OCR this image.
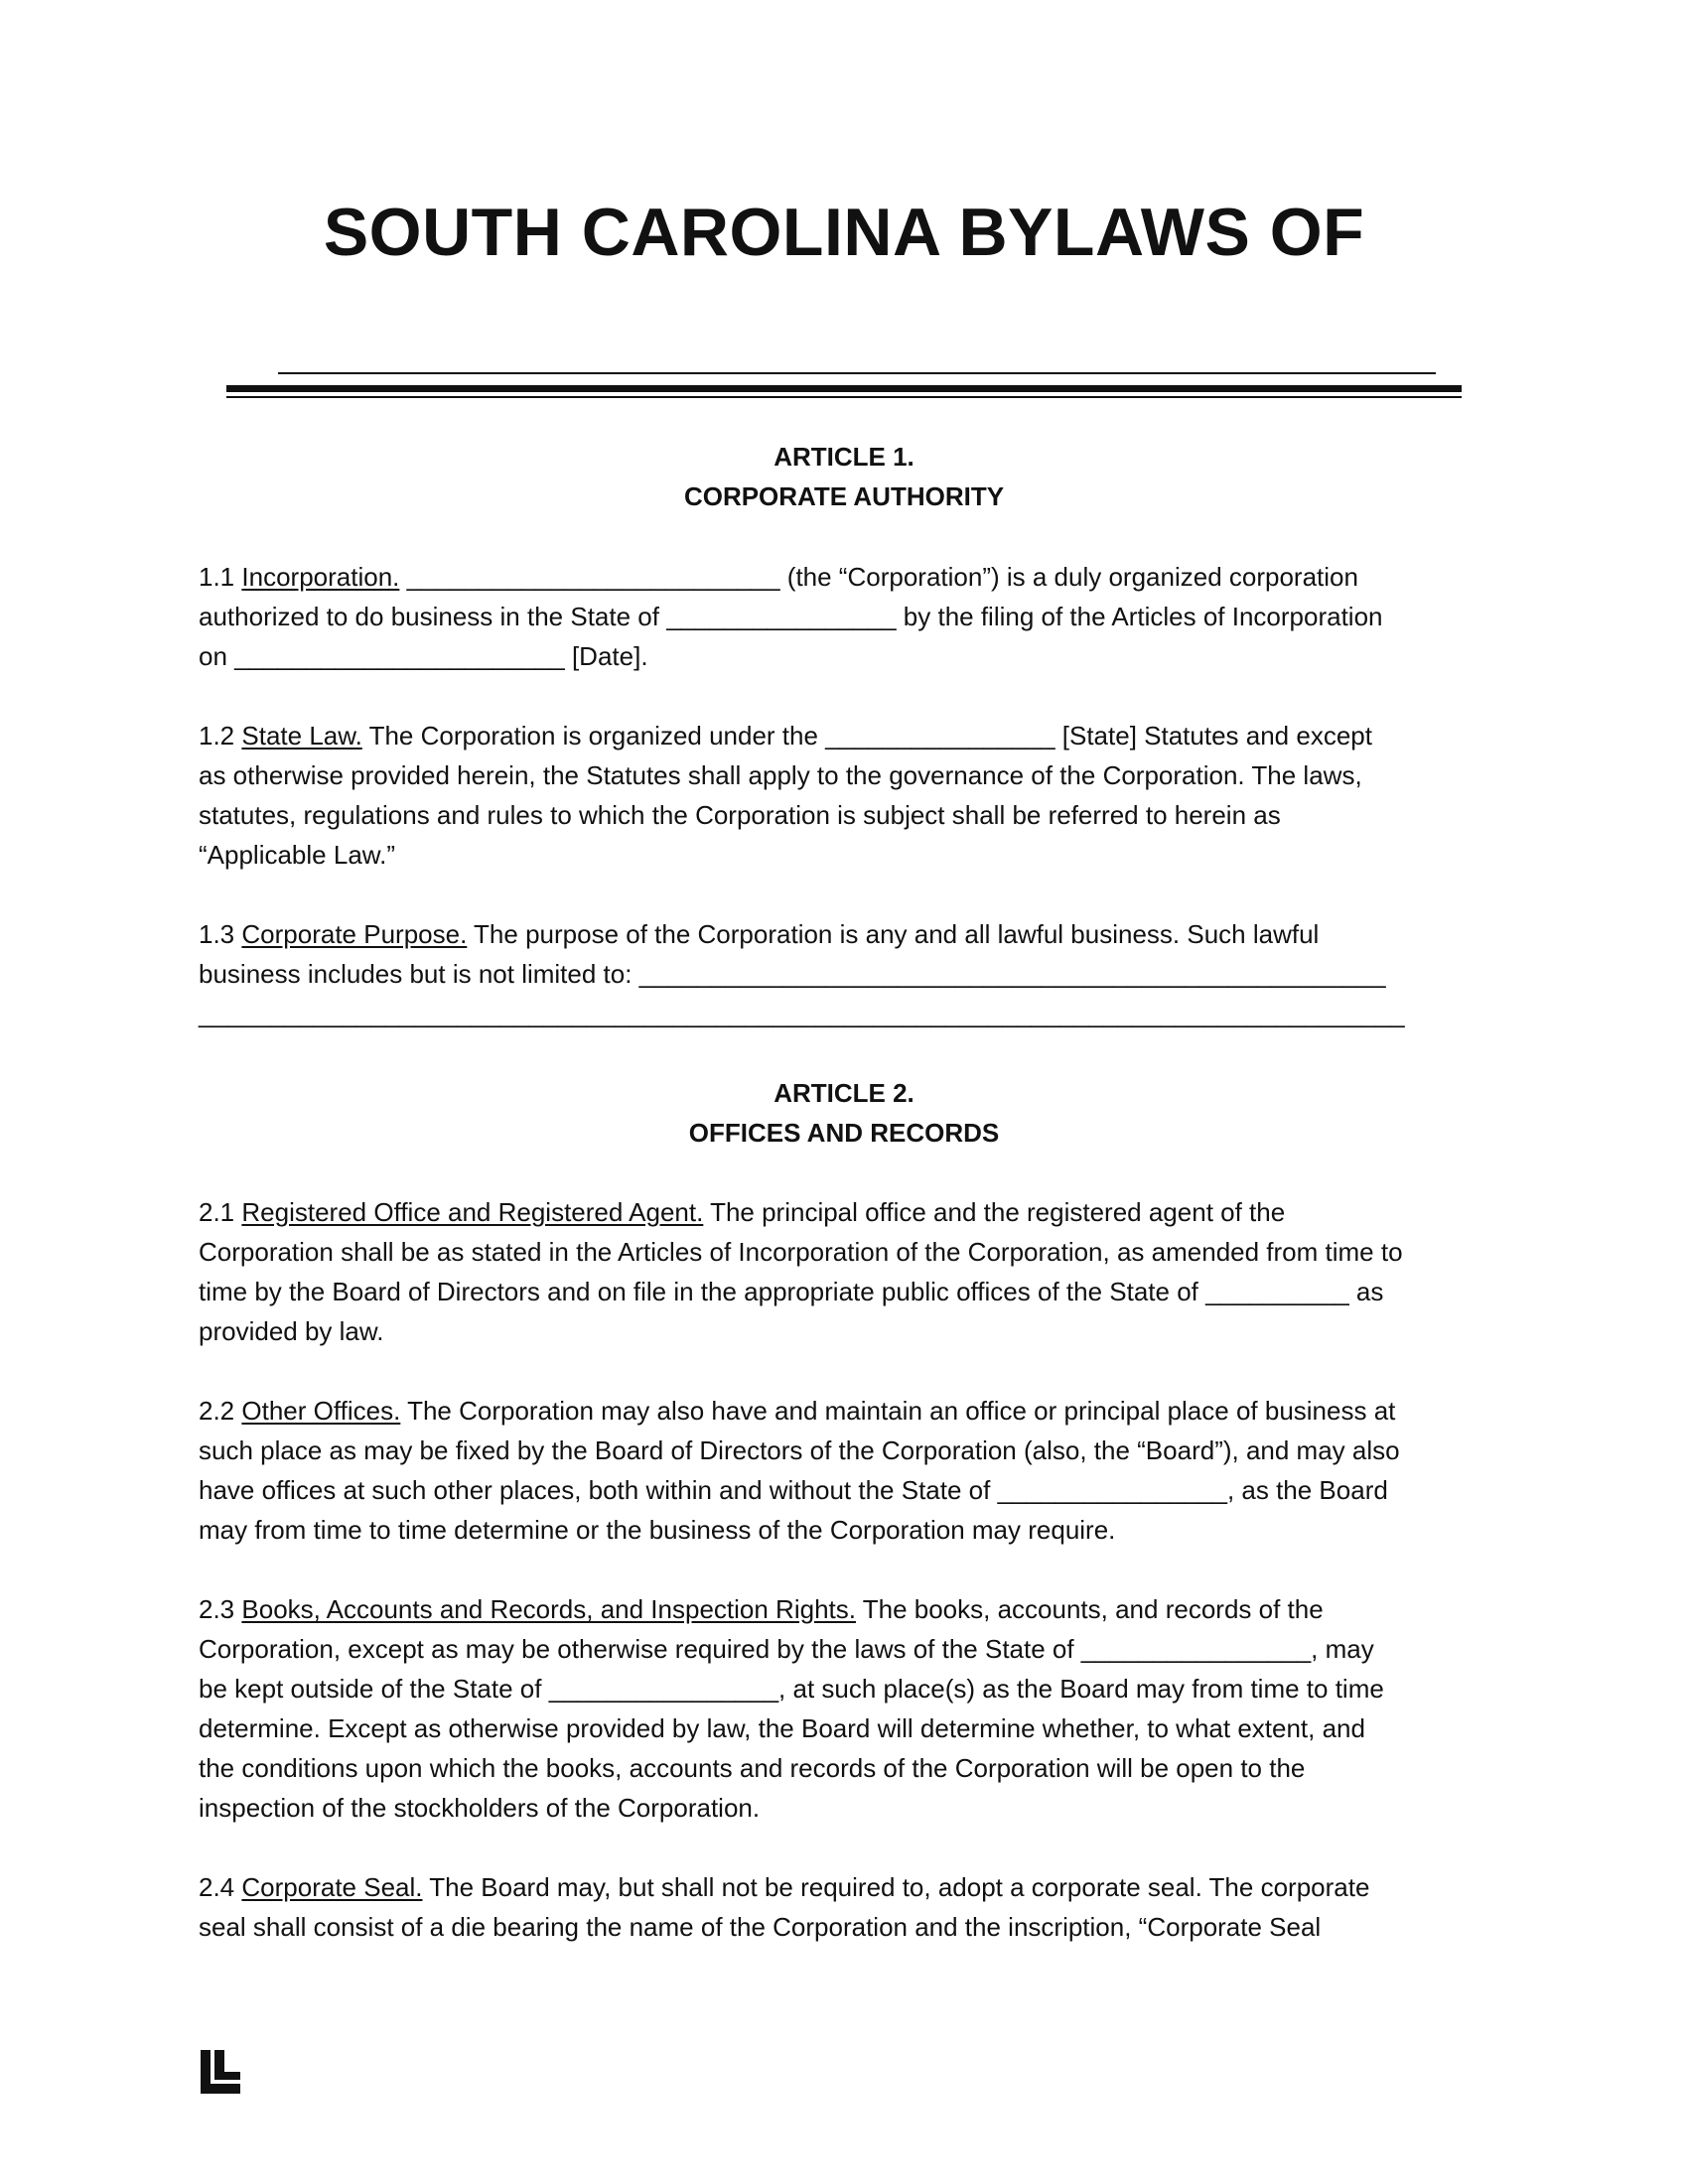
SOUTH CAROLINA BYLAWS OF
ARTICLE 1.
CORPORATE AUTHORITY

1.1 Incorporation. __________________________ (the “Corporation”) is a duly organized corporation

authorized to do business in the State of ________________ by the filing of the Articles of Incorporation

on _______________________ [Date].

1.2 State Law. The Corporation is organized under the ________________ [State] Statutes and except

as otherwise provided herein, the Statutes shall apply to the governance of the Corporation. The laws,

statutes, regulations and rules to which the Corporation is subject shall be referred to herein as

“Applicable Law.”

1.3 Corporate Purpose. The purpose of the Corporation is any and all lawful business. Such lawful

business includes but is not limited to: ____________________________________________________

____________________________________________________________________________________

ARTICLE 2.
OFFICES AND RECORDS

2.1 Registered Office and Registered Agent. The principal office and the registered agent of the

Corporation shall be as stated in the Articles of Incorporation of the Corporation, as amended from time to

time by the Board of Directors and on file in the appropriate public offices of the State of __________ as

provided by law.

2.2 Other Offices. The Corporation may also have and maintain an office or principal place of business at

such place as may be fixed by the Board of Directors of the Corporation (also, the “Board”), and may also

have offices at such other places, both within and without the State of ________________, as the Board

may from time to time determine or the business of the Corporation may require.

2.3 Books, Accounts and Records, and Inspection Rights. The books, accounts, and records of the

Corporation, except as may be otherwise required by the laws of the State of ________________, may

be kept outside of the State of ________________, at such place(s) as the Board may from time to time

determine. Except as otherwise provided by law, the Board will determine whether, to what extent, and

the conditions upon which the books, accounts and records of the Corporation will be open to the

inspection of the stockholders of the Corporation.

2.4 Corporate Seal. The Board may, but shall not be required to, adopt a corporate seal. The corporate

seal shall consist of a die bearing the name of the Corporation and the inscription, “Corporate Seal
